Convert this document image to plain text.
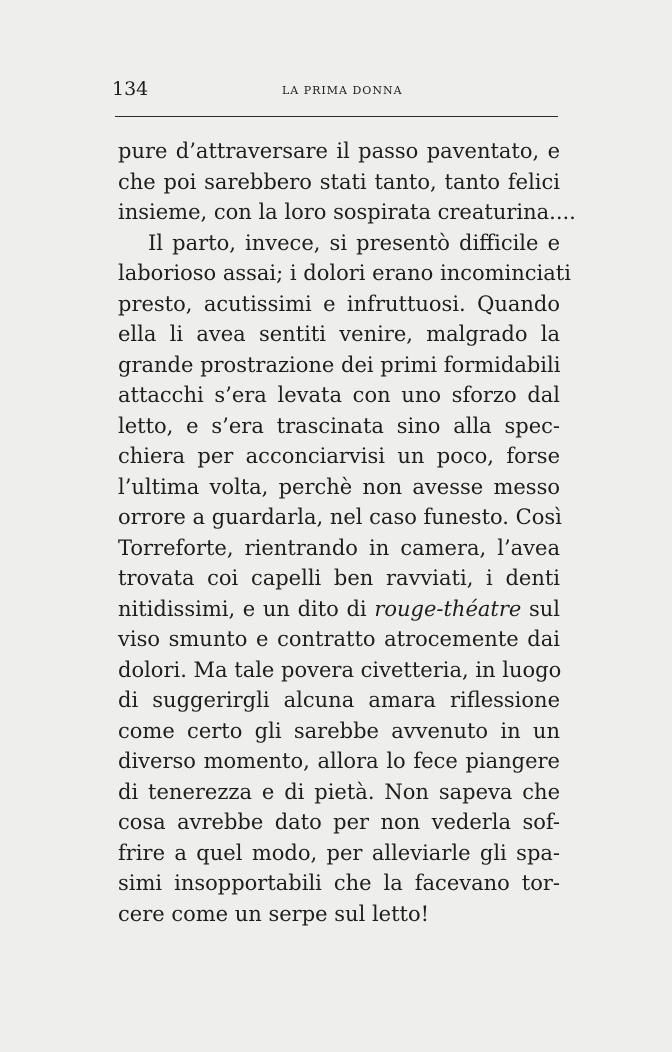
134	LA PRIMA DONNA
pure d’attraversare il passo paventato, e
che poi sarebbero stati tanto, tanto felici
insieme, con la loro sospirata creaturina....
Il parto, invece, si presentò difficile e
laborioso assai; i dolori erano incominciati
presto, acutissimi e infruttuosi. Quando
ella li avea sentiti venire, malgrado la
grande prostrazione dei primi formidabili
attacchi s’era levata con uno sforzo dal
letto, e s’era trascinata sino alla spec-
chiera per acconciarvisi un poco, forse
l’ultima volta, perchè non avesse messo
orrore a guardarla, nel caso funesto. Così
Torreforte, rientrando in camera, l’avea
trovata coi capelli ben ravviati, i denti
nitidissimi, e un dito di rouge-théatre sul
viso smunto e contratto atrocemente dai
dolori. Ma tale povera civetteria, in luogo
di suggerirgli alcuna amara riflessione
come certo gli sarebbe avvenuto in un
diverso momento, allora lo fece piangere
di tenerezza e di pietà. Non sapeva che
cosa avrebbe dato per non vederla sof-
frire a quel modo, per alleviarle gli spa-
simi insopportabili che la facevano tor-
cere come un serpe sul letto!
